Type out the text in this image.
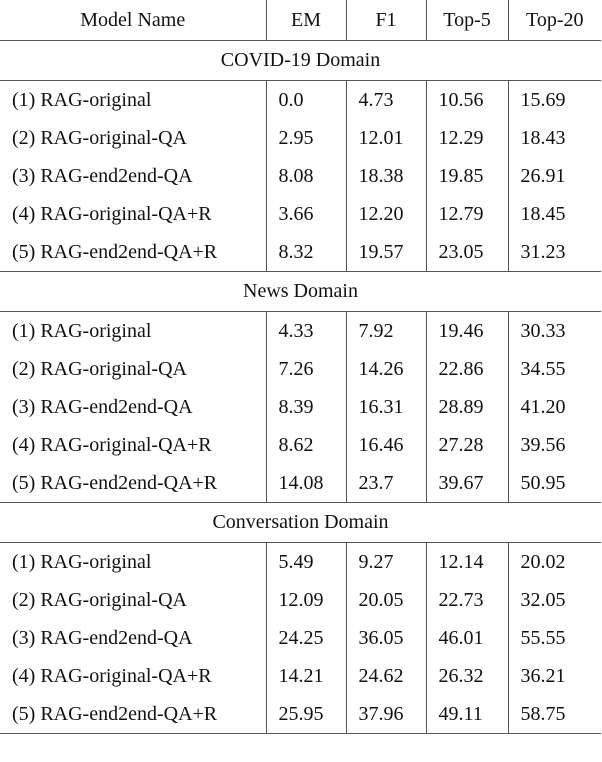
Model Name	EM	F1	Top-5	Top-20
COVID-19 Domain				
(1) RAG-original	0.0	4.73	10.56	15.69
(2) RAG-original-QA	2.95	12.01	12.29	18.43
(3) RAG-end2end-QA	8.08	18.38	19.85	26.91
(4) RAG-original-QA+R	3.66	12.20	12.79	18.45
(5) RAG-end2end-QA+R	8.32	19.57	23.05	31.23
News Domain				
(1) RAG-original	4.33	7.92	19.46	30.33
(2) RAG-original-QA	7.26	14.26	22.86	34.55
(3) RAG-end2end-QA	8.39	16.31	28.89	41.20
(4) RAG-original-QA+R	8.62	16.46	27.28	39.56
(5) RAG-end2end-QA+R	14.08	23.7	39.67	50.95
Conversation Domain				
(1) RAG-original	5.49	9.27	12.14	20.02
(2) RAG-original-QA	12.09	20.05	22.73	32.05
(3) RAG-end2end-QA	24.25	36.05	46.01	55.55
(4) RAG-original-QA+R	14.21	24.62	26.32	36.21
(5) RAG-end2end-QA+R	25.95	37.96	49.11	58.75
